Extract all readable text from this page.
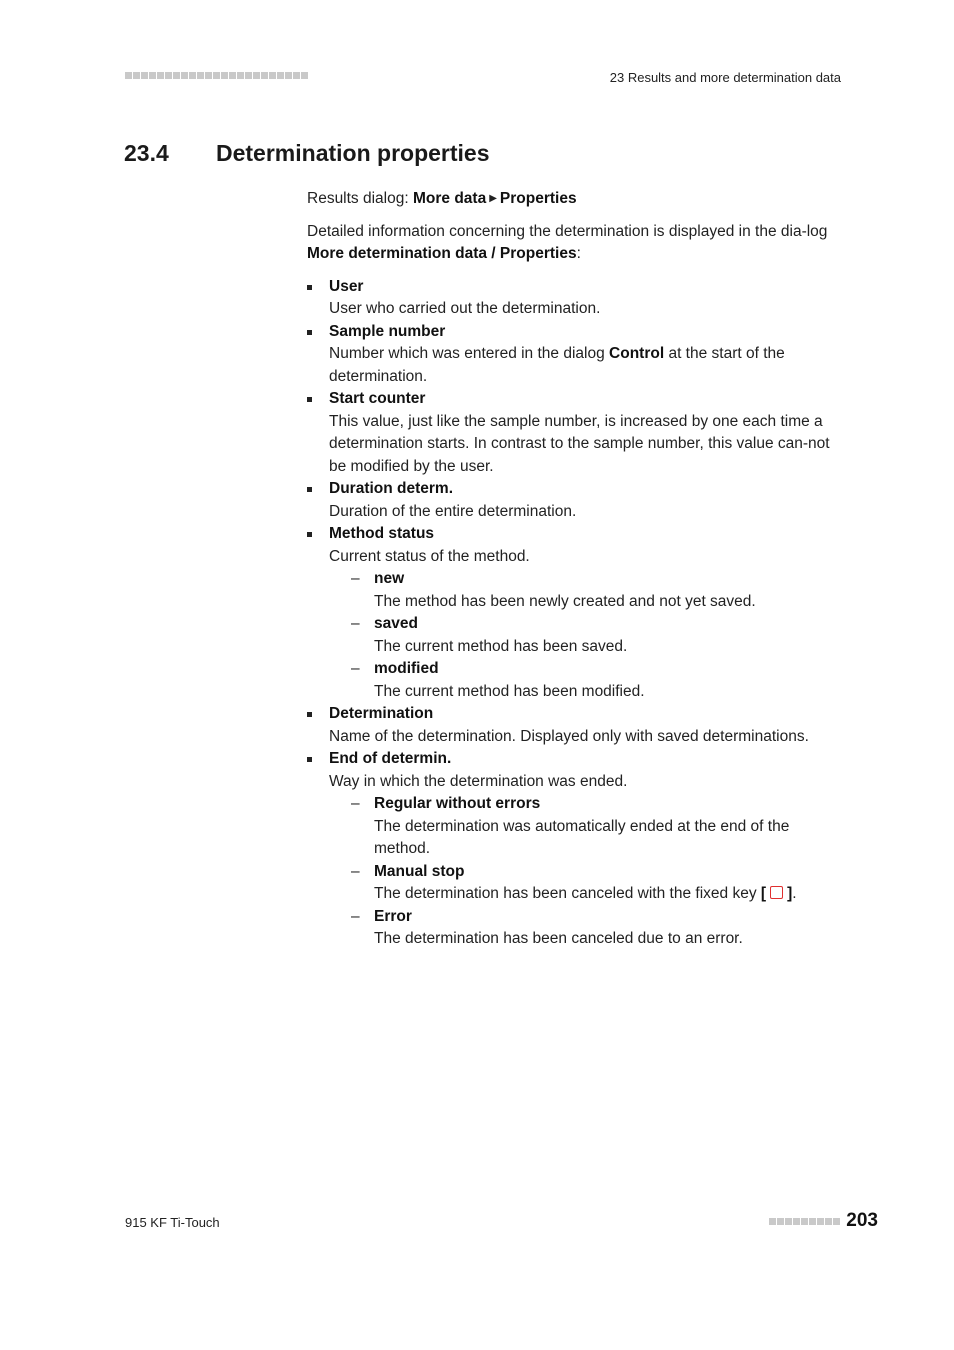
23 Results and more determination data
23.4 Determination properties

Results dialog: More data ▶ Properties

Detailed information concerning the determination is displayed in the dia-log More determination data / Properties:

User
User who carried out the determination.
Sample number
Number which was entered in the dialog Control at the start of the determination.
Start counter
This value, just like the sample number, is increased by one each time a determination starts. In contrast to the sample number, this value can-not be modified by the user.
Duration determ.
Duration of the entire determination.
Method status
Current status of the method.
– new
The method has been newly created and not yet saved.
– saved
The current method has been saved.
– modified
The current method has been modified.
Determination
Name of the determination. Displayed only with saved determinations.
End of determin.
Way in which the determination was ended.
– Regular without errors
The determination was automatically ended at the end of the method.
– Manual stop
The determination has been canceled with the fixed key [ ].
– Error
The determination has been canceled due to an error.
915 KF Ti-Touch	203
